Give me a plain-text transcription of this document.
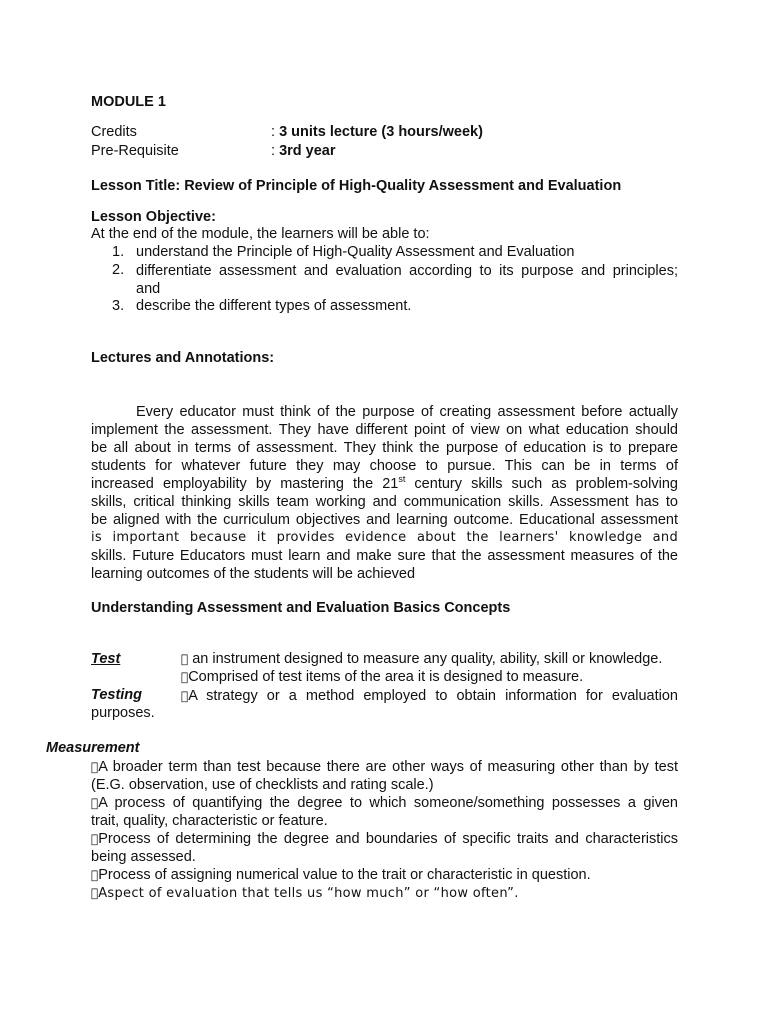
MODULE 1
Credits	: 3 units lecture (3 hours/week)
Pre-Requisite	: 3rd year
Lesson Title: Review of Principle of High-Quality Assessment and Evaluation
Lesson Objective:
At the end of the module, the learners will be able to:
1. understand the Principle of High-Quality Assessment and Evaluation
2. differentiate assessment and evaluation according to its purpose and principles;
and
3. describe the different types of assessment.
Lectures and Annotations:
Every educator must think of the purpose of creating assessment before actually
implement the assessment. They have different point of view on what education should
be all about in terms of assessment. They think the purpose of education is to prepare
students for whatever future they may choose to pursue. This can be in terms of
increased employability by mastering the 21st century skills such as problem-solving
skills, critical thinking skills team working and communication skills. Assessment has to
be aligned with the curriculum objectives and learning outcome. Educational assessment
is important because it provides evidence about the learners' knowledge and
skills. Future Educators must learn and make sure that the assessment measures of the
learning outcomes of the students will be achieved
Understanding Assessment and Evaluation Basics Concepts
Test	an instrument designed to measure any quality, ability, skill or knowledge.
Comprised of test items of the area it is designed to measure.
Testing	A strategy or a method employed to obtain information for evaluation
purposes.
Measurement
A broader term than test because there are other ways of measuring other than by test
(E.G. observation, use of checklists and rating scale.)
A process of quantifying the degree to which someone/something possesses a given
trait, quality, characteristic or feature.
Process of determining the degree and boundaries of specific traits and characteristics
being assessed.
Process of assigning numerical value to the trait or characteristic in question.
Aspect of evaluation that tells us “how much” or “how often”.
